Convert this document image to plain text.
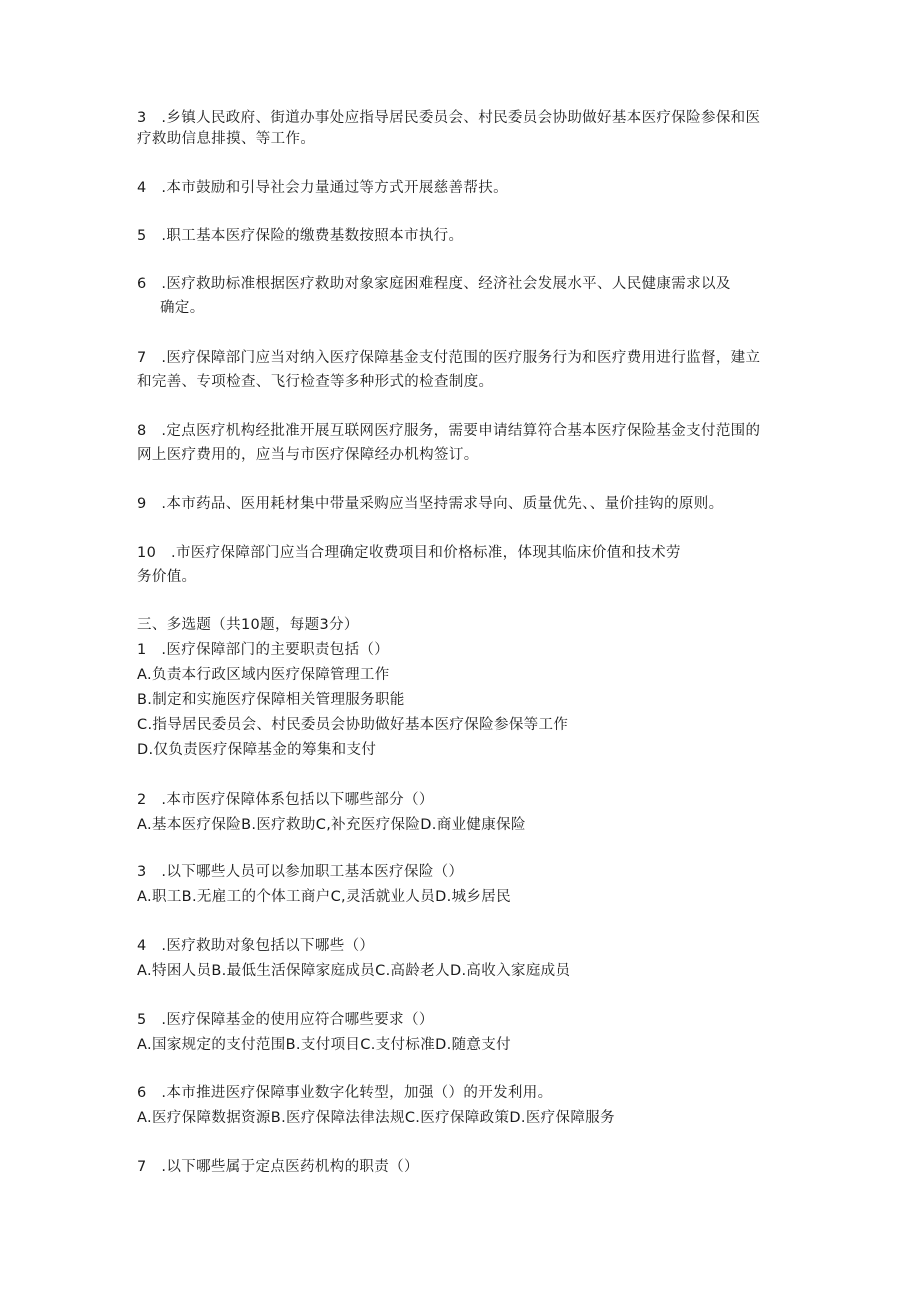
3　.乡镇人民政府、街道办事处应指导居民委员会、村民委员会协助做好基本医疗保险参保和医
疗救助信息排摸、等工作。
4　.本市鼓励和引导社会力量通过等方式开展慈善帮扶。
5　.职工基本医疗保险的缴费基数按照本市执行。
6　.医疗救助标准根据医疗救助对象家庭困难程度、经济社会发展水平、人民健康需求以及
确定。
7　.医疗保障部门应当对纳入医疗保障基金支付范围的医疗服务行为和医疗费用进行监督，建立
和完善、专项检查、飞行检查等多种形式的检查制度。
8　.定点医疗机构经批准开展互联网医疗服务，需要申请结算符合基本医疗保险基金支付范围的
网上医疗费用的，应当与市医疗保障经办机构签订。
9　.本市药品、医用耗材集中带量采购应当坚持需求导向、质量优先、、量价挂钩的原则。
10　.市医疗保障部门应当合理确定收费项目和价格标准，体现其临床价值和技术劳
务价值。
三、多选题（共10题，每题3分）
1　.医疗保障部门的主要职责包括（）
A.负责本行政区域内医疗保障管理工作
B.制定和实施医疗保障相关管理服务职能
C.指导居民委员会、村民委员会协助做好基本医疗保险参保等工作
D.仅负责医疗保障基金的筹集和支付
2　.本市医疗保障体系包括以下哪些部分（）
A.基本医疗保险B.医疗救助C,补充医疗保险D.商业健康保险
3　.以下哪些人员可以参加职工基本医疗保险（）
A.职工B.无雇工的个体工商户C,灵活就业人员D.城乡居民
4　.医疗救助对象包括以下哪些（）
A.特困人员B.最低生活保障家庭成员C.高龄老人D.高收入家庭成员
5　.医疗保障基金的使用应符合哪些要求（）
A.国家规定的支付范围B.支付项目C.支付标准D.随意支付
6　.本市推进医疗保障事业数字化转型，加强（）的开发利用。
A.医疗保障数据资源B.医疗保障法律法规C.医疗保障政策D.医疗保障服务
7　.以下哪些属于定点医药机构的职责（）
